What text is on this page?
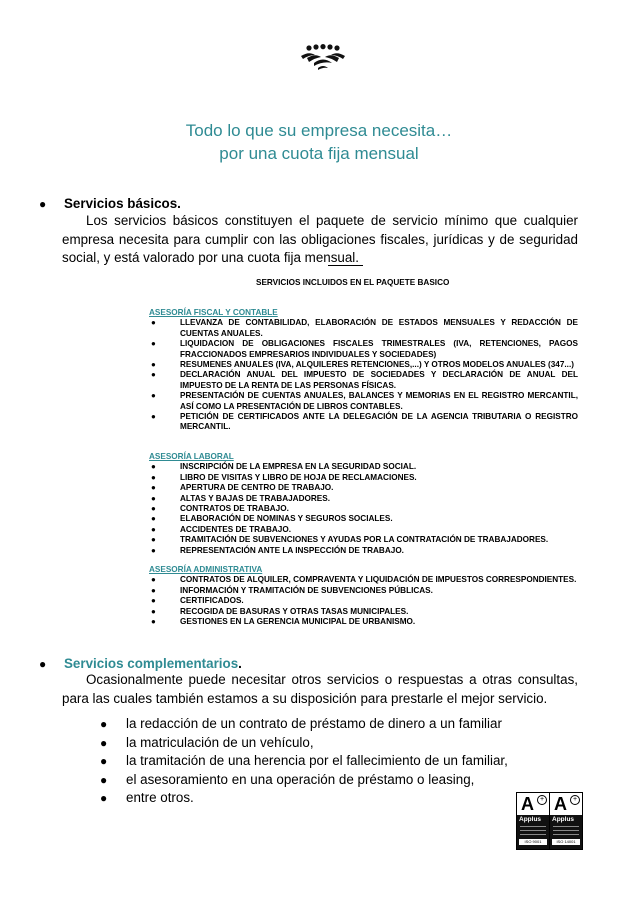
Todo lo que su empresa necesita…
por una cuota fija mensual
● Servicios básicos.
Los servicios básicos constituyen el paquete de servicio mínimo que cualquier empresa necesita para cumplir con las obligaciones fiscales, jurídicas y de seguridad social, y está valorado por una cuota fija mensual.
SERVICIOS INCLUIDOS EN EL PAQUETE BASICO
ASESORÍA FISCAL Y CONTABLE
●	LLEVANZA DE CONTABILIDAD, ELABORACIÓN DE ESTADOS MENSUALES Y REDACCIÓN DE CUENTAS ANUALES.
●	LIQUIDACION DE OBLIGACIONES FISCALES TRIMESTRALES (IVA, RETENCIONES, PAGOS FRACCIONADOS EMPRESARIOS INDIVIDUALES Y SOCIEDADES)
●	RESUMENES ANUALES (IVA, ALQUILERES RETENCIONES,...) Y OTROS MODELOS ANUALES (347...)
●	DECLARACIÓN ANUAL DEL IMPUESTO DE SOCIEDADES Y DECLARACIÓN DE ANUAL DEL IMPUESTO DE LA RENTA DE LAS PERSONAS FÍSICAS.
●	PRESENTACIÓN DE CUENTAS ANUALES, BALANCES Y MEMORIAS EN EL REGISTRO MERCANTIL, ASÍ COMO LA PRESENTACIÓN DE LIBROS CONTABLES.
●	PETICIÓN DE CERTIFICADOS ANTE LA DELEGACIÓN DE LA AGENCIA TRIBUTARIA O REGISTRO MERCANTIL.
ASESORÍA LABORAL
●	INSCRIPCIÓN DE LA EMPRESA EN LA SEGURIDAD SOCIAL.
●	LIBRO DE VISITAS Y LIBRO DE HOJA DE RECLAMACIONES.
●	APERTURA DE CENTRO DE TRABAJO.
●	ALTAS Y BAJAS DE TRABAJADORES.
●	CONTRATOS DE TRABAJO.
●	ELABORACIÓN DE NOMINAS Y SEGUROS SOCIALES.
●	ACCIDENTES DE TRABAJO.
●	TRAMITACIÓN DE SUBVENCIONES Y AYUDAS POR LA CONTRATACIÓN DE TRABAJADORES.
●	REPRESENTACIÓN ANTE LA INSPECCIÓN DE TRABAJO.
ASESORÍA ADMINISTRATIVA
●	CONTRATOS DE ALQUILER, COMPRAVENTA Y LIQUIDACIÓN DE IMPUESTOS CORRESPONDIENTES.
●	INFORMACIÓN Y TRAMITACIÓN DE SUBVENCIONES PÚBLICAS.
●	CERTIFICADOS.
●	RECOGIDA DE BASURAS Y OTRAS TASAS MUNICIPALES.
●	GESTIONES EN LA GERENCIA MUNICIPAL DE URBANISMO.
● Servicios complementarios.
Ocasionalmente puede necesitar otros servicios o respuestas a otras consultas, para las cuales también estamos a su disposición para prestarle el mejor servicio.
● la redacción de un contrato de préstamo de dinero a un familiar
● la matriculación de un vehículo,
● la tramitación de una herencia por el fallecimiento de un familiar,
● el asesoramiento en una operación de préstamo o leasing,
● entre otros.	A +
Applus
ISO 9001
A +
Applus
ISO 14001
